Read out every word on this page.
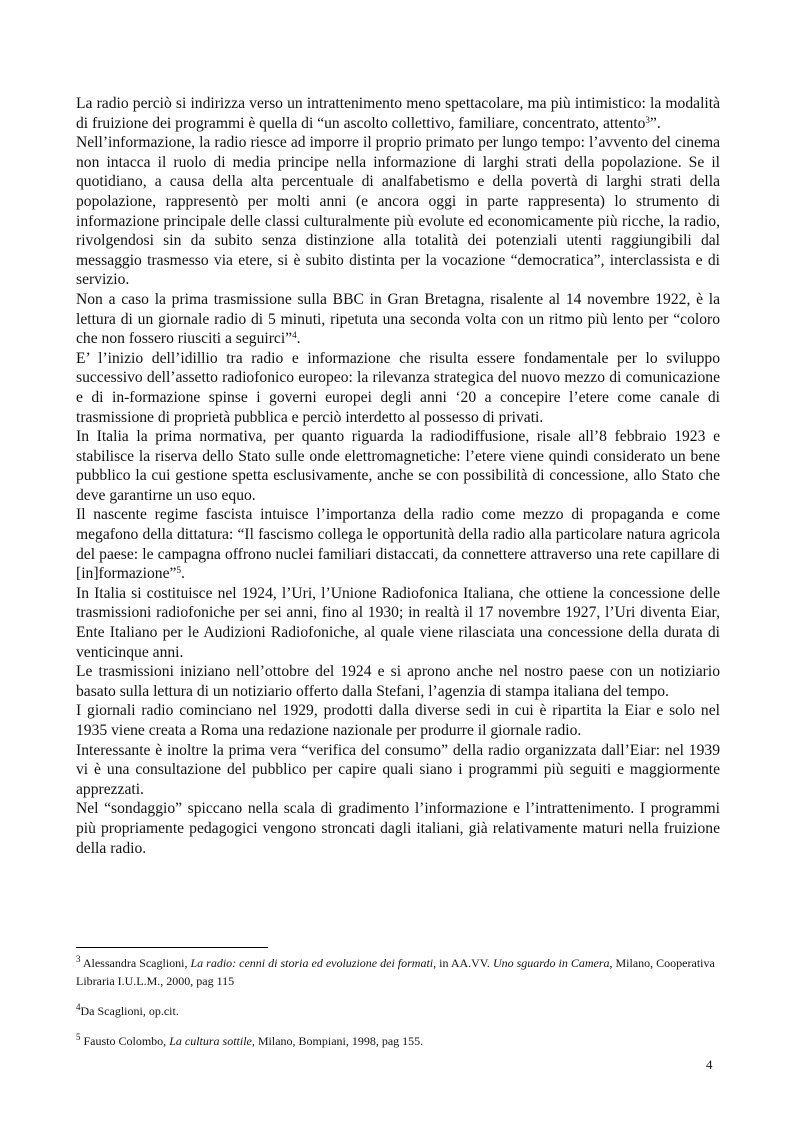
La radio perciò si indirizza verso un intrattenimento meno spettacolare, ma più intimistico: la modalità di fruizione dei programmi è quella di “un ascolto collettivo, familiare, concentrato, attento$^3$”.

Nell’informazione, la radio riesce ad imporre il proprio primato per lungo tempo: l’avvento del cinema non intacca il ruolo di media principe nella informazione di larghi strati della popolazione. Se il quotidiano, a causa della alta percentuale di analfabetismo e della povertà di larghi strati della popolazione, rappresentò per molti anni (e ancora oggi in parte rappresenta) lo strumento di informazione principale delle classi culturalmente più evolute ed economicamente più ricche, la radio, rivolgendosi sin da subito senza distinzione alla totalità dei potenziali utenti raggiungibili dal messaggio trasmesso via etere, si è subito distinta per la vocazione “democratica”, interclassista e di servizio.

Non a caso la prima trasmissione sulla BBC in Gran Bretagna, risalente al 14 novembre 1922, è la lettura di un giornale radio di 5 minuti, ripetuta una seconda volta con un ritmo più lento per “coloro che non fossero riusciti a seguirci”$^4$.

E’ l’inizio dell’idillio tra radio e informazione che risulta essere fondamentale per lo sviluppo successivo dell’assetto radiofonico europeo: la rilevanza strategica del nuovo mezzo di comunicazione e di in-formazione spinse i governi europei degli anni ‘20 a concepire l’etere come canale di trasmissione di proprietà pubblica e perciò interdetto al possesso di privati.

In Italia la prima normativa, per quanto riguarda la radiodiffusione, risale all’8 febbraio 1923 e stabilisce la riserva dello Stato sulle onde elettromagnetiche: l’etere viene quindi considerato un bene pubblico la cui gestione spetta esclusivamente, anche se con possibilità di concessione, allo Stato che deve garantirne un uso equo.

Il nascente regime fascista intuisce l’importanza della radio come mezzo di propaganda e come megafono della dittatura: “Il fascismo collega le opportunità della radio alla particolare natura agricola del paese: le campagna offrono nuclei familiari distaccati, da connettere attraverso una rete capillare di [in]formazione”$^5$.

In Italia si costituisce nel 1924, l’Uri, l’Unione Radiofonica Italiana, che ottiene la concessione delle trasmissioni radiofoniche per sei anni, fino al 1930; in realtà il 17 novembre 1927, l’Uri diventa Eiar, Ente Italiano per le Audizioni Radiofoniche, al quale viene rilasciata una concessione della durata di venticinque anni.

Le trasmissioni iniziano nell’ottobre del 1924 e si aprono anche nel nostro paese con un notiziario basato sulla lettura di un notiziario offerto dalla Stefani, l’agenzia di stampa italiana del tempo.

I giornali radio cominciano nel 1929, prodotti dalla diverse sedi in cui è ripartita la Eiar e solo nel 1935 viene creata a Roma una redazione nazionale per produrre il giornale radio.

Interessante è inoltre la prima vera “verifica del consumo” della radio organizzata dall’Eiar: nel 1939 vi è una consultazione del pubblico per capire quali siano i programmi più seguiti e maggiormente apprezzati.

Nel “sondaggio” spiccano nella scala di gradimento l’informazione e l’intrattenimento. I programmi più propriamente pedagogici vengono stroncati dagli italiani, già relativamente maturi nella fruizione della radio.

$^3$ Alessandra Scaglioni, La radio: cenni di storia ed evoluzione dei formati, in AA.VV. Uno sguardo in Camera, Milano, Cooperativa Libraria I.U.L.M., 2000, pag 115

$^4$Da Scaglioni, op.cit.

$^5$ Fausto Colombo, La cultura sottile, Milano, Bompiani, 1998, pag 155.

4
